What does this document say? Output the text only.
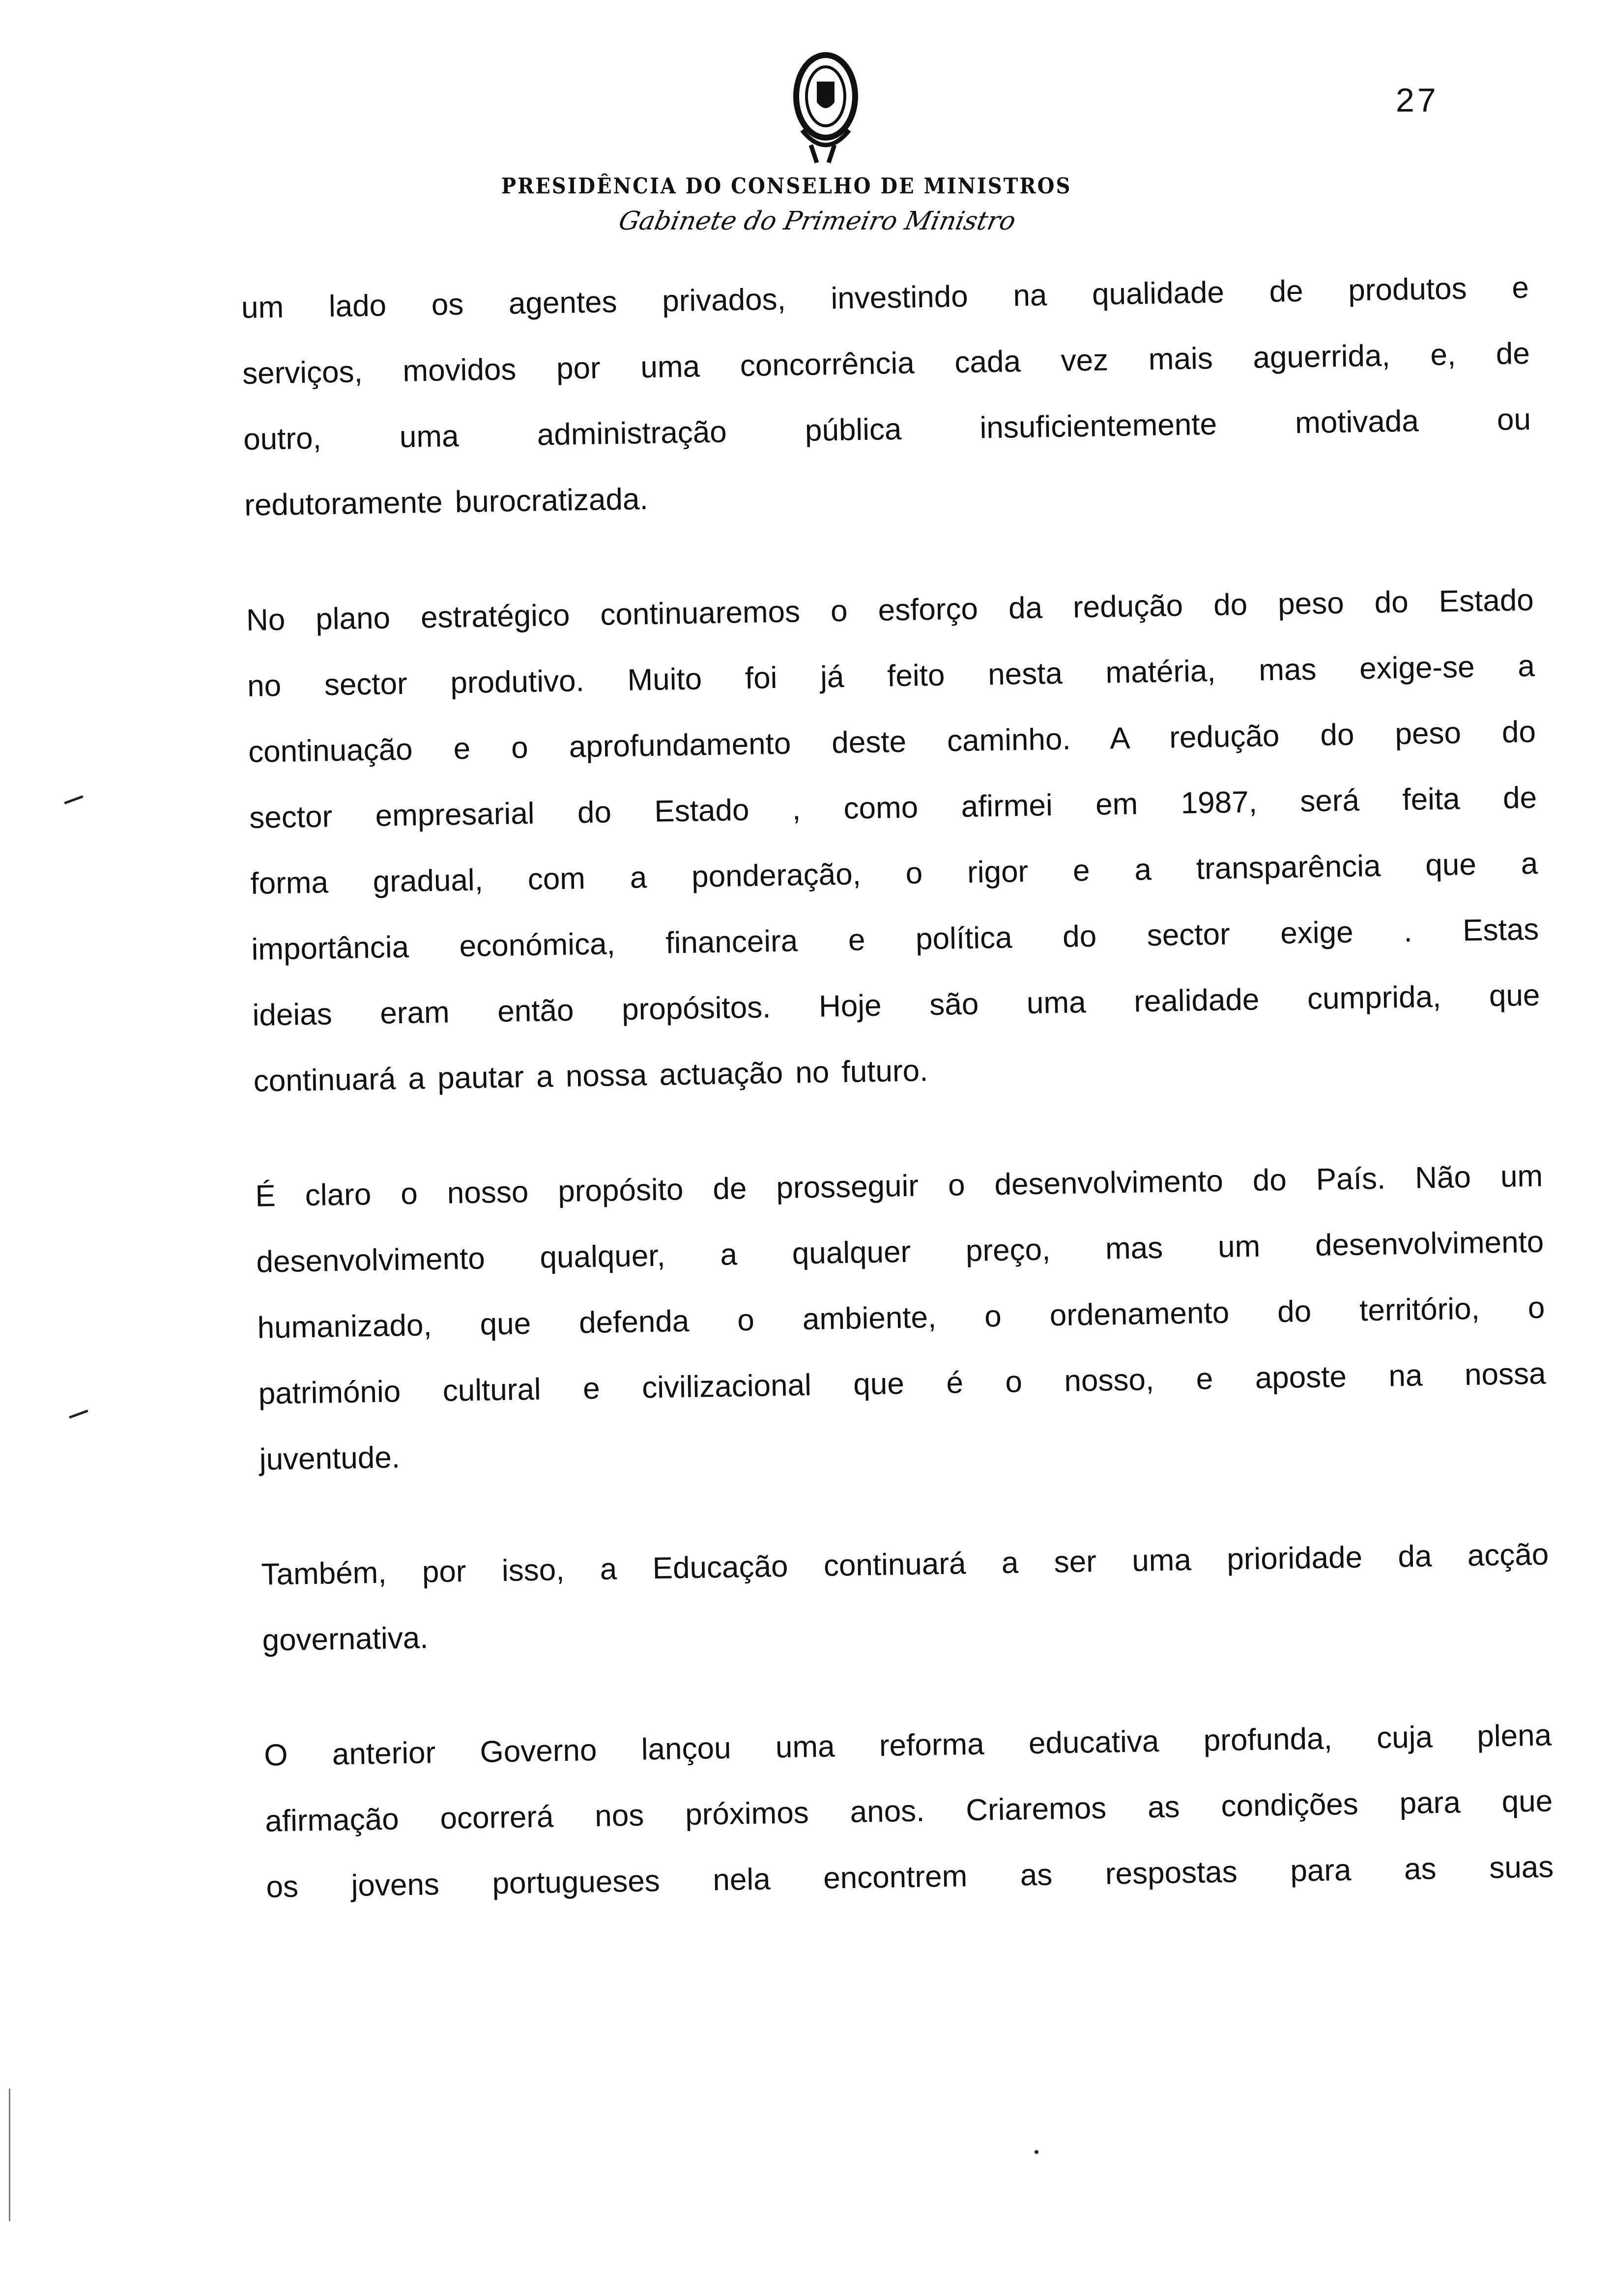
27
PRESIDÊNCIA DO CONSELHO DE MINISTROS
Gabinete do Primeiro Ministro
um lado os agentes privados, investindo na qualidade de produtos e
serviços, movidos por uma concorrência cada vez mais aguerrida, e, de
outro, uma administração pública insuficientemente motivada ou
redutoramente burocratizada.
No plano estratégico continuaremos o esforço da redução do peso do Estado
no sector produtivo. Muito foi já feito nesta matéria, mas exige-se a
continuação e o aprofundamento deste caminho. A redução do peso do
sector empresarial do Estado , como afirmei em 1987, será feita de
forma gradual, com a ponderação, o rigor e a transparência que a
importância económica, financeira e política do sector exige . Estas
ideias eram então propósitos. Hoje são uma realidade cumprida, que
continuará a pautar a nossa actuação no futuro.
É claro o nosso propósito de prosseguir o desenvolvimento do País. Não um
desenvolvimento qualquer, a qualquer preço, mas um desenvolvimento
humanizado, que defenda o ambiente, o ordenamento do território, o
património cultural e civilizacional que é o nosso, e aposte na nossa
juventude.
Também, por isso, a Educação continuará a ser uma prioridade da acção
governativa.
O anterior Governo lançou uma reforma educativa profunda, cuja plena
afirmação ocorrerá nos próximos anos. Criaremos as condições para que
os jovens portugueses nela encontrem as respostas para as suas
